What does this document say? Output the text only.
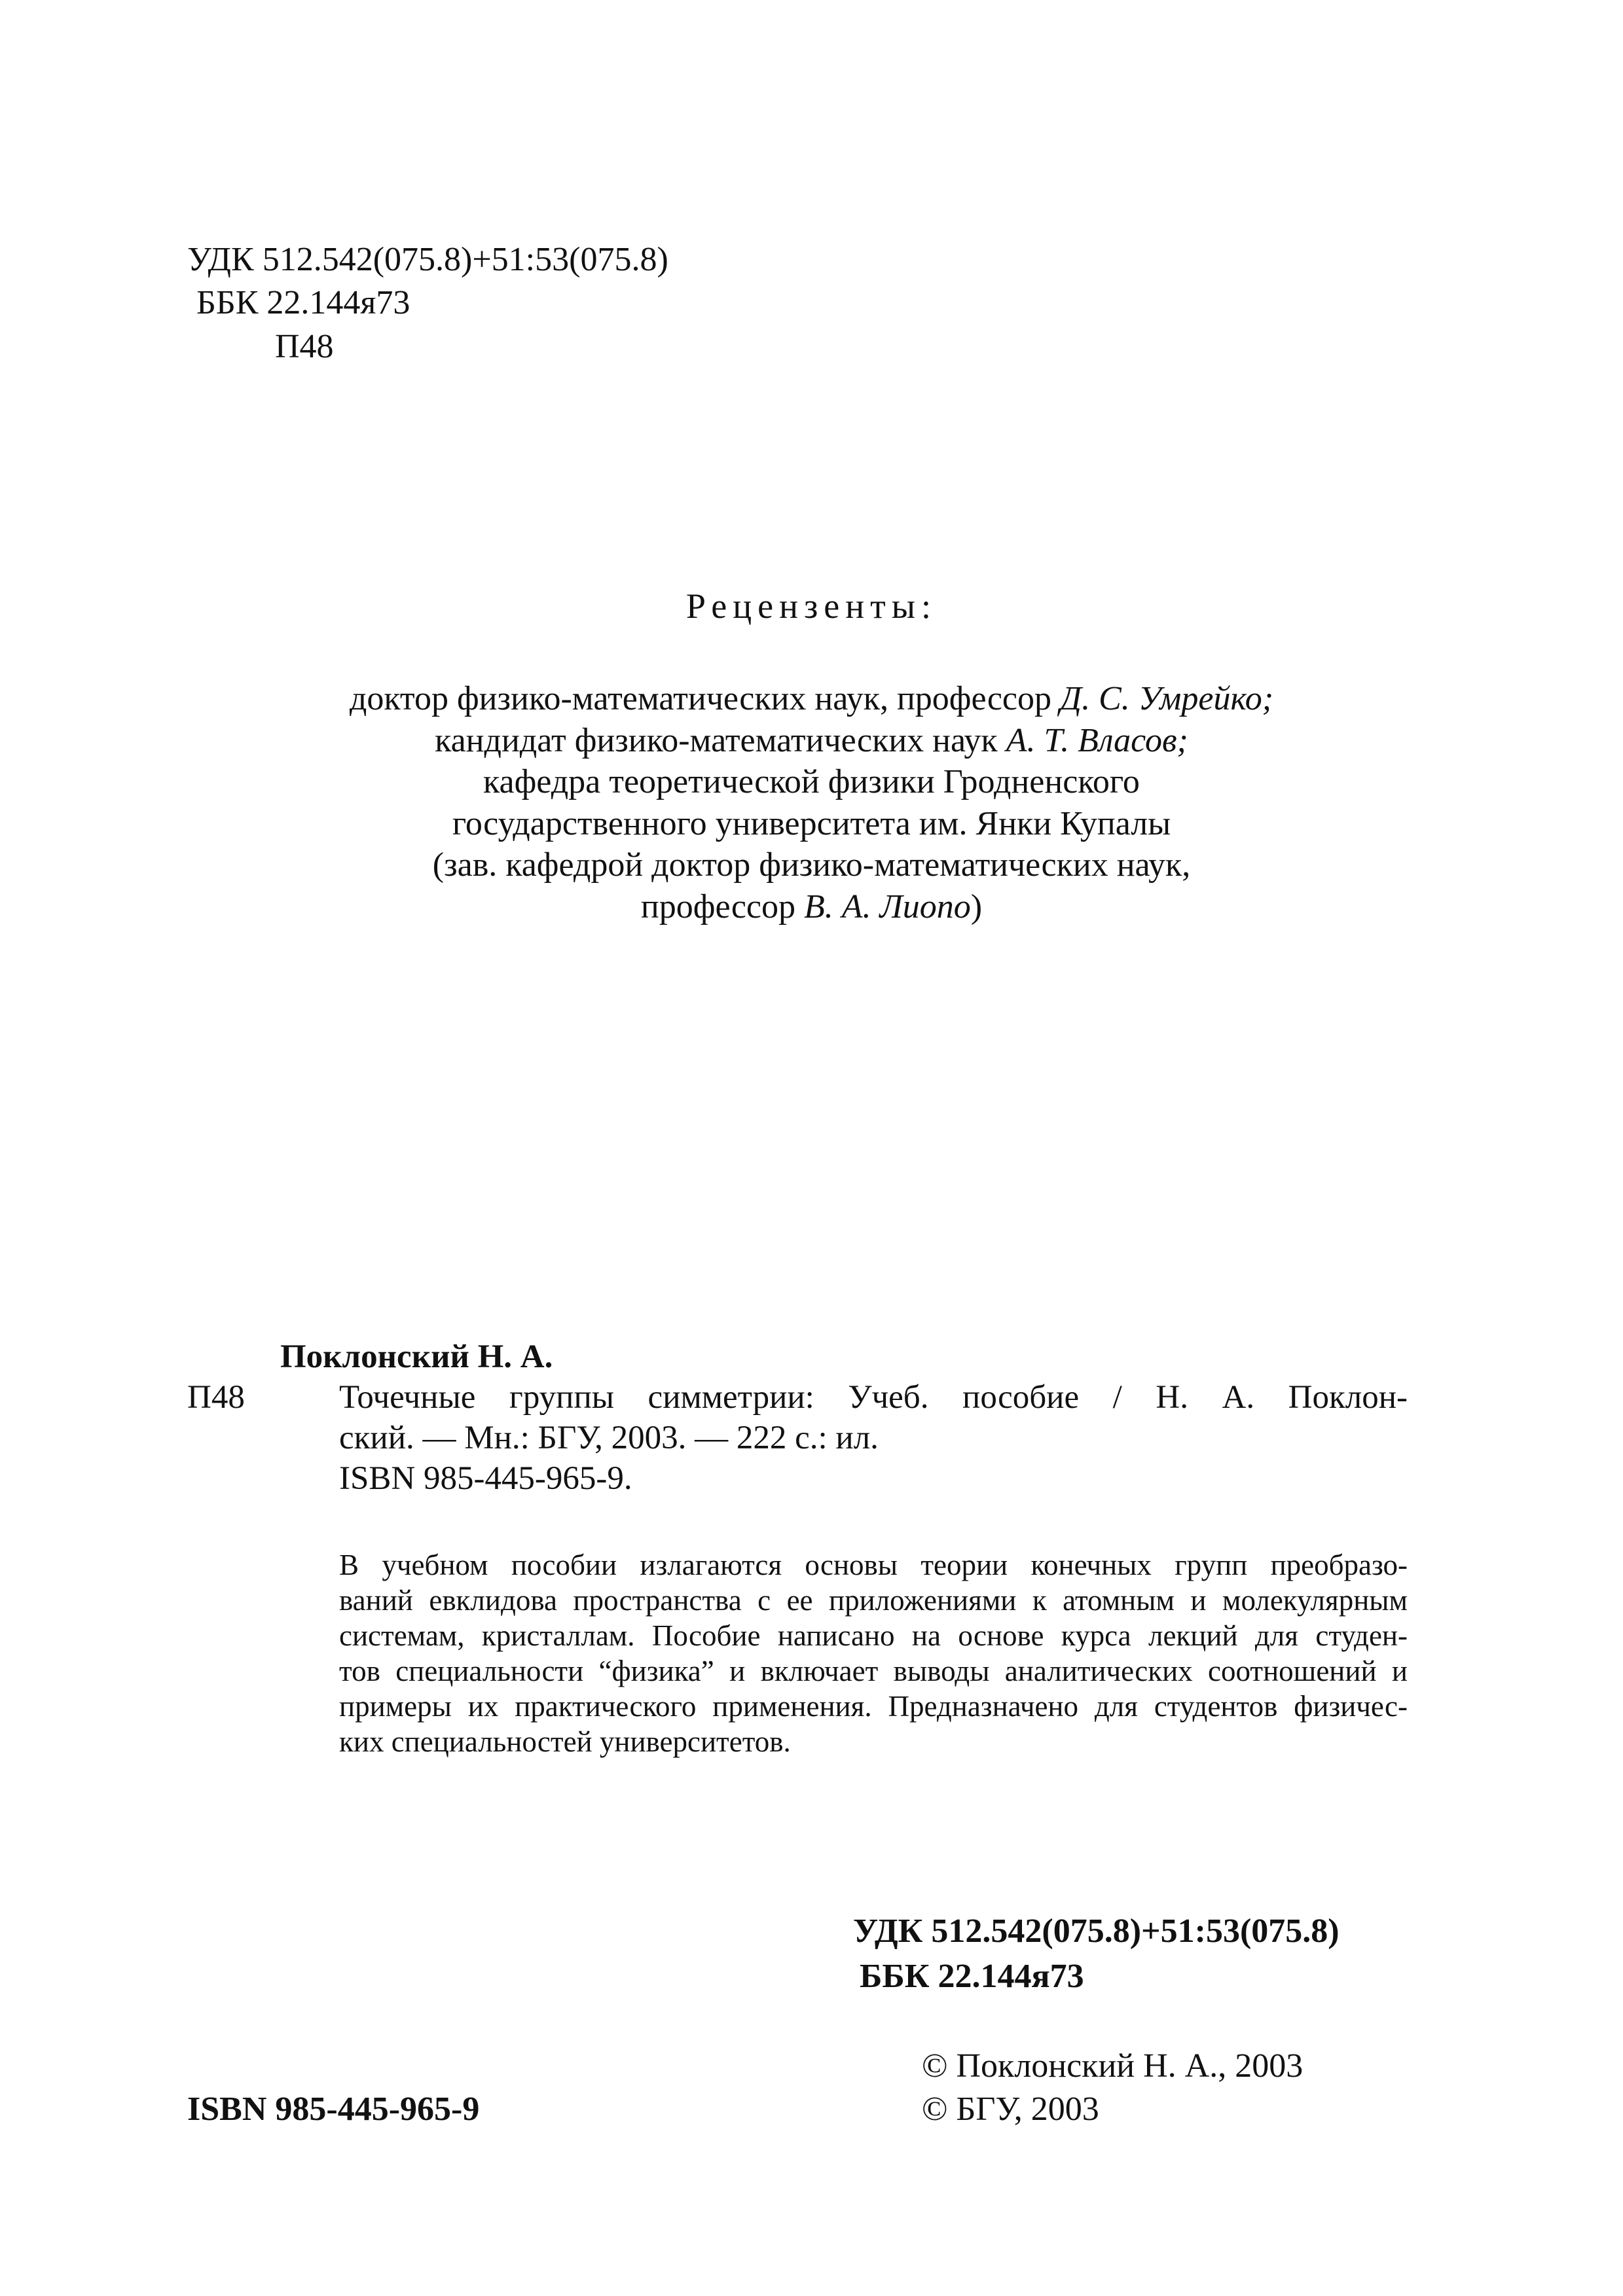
УДК 512.542(075.8)+51:53(075.8)
ББК 22.144я73
П48
Рецензенты:
доктор физико-математических наук, профессор Д. С. Умрейко;
кандидат физико-математических наук А. Т. Власов;
кафедра теоретической физики Гродненского
государственного университета им. Янки Купалы
(зав. кафедрой доктор физико-математических наук,
профессор В. А. Лиопо)
Поклонский Н. А.
П48	Точечные группы симметрии: Учеб. пособие / Н. А. Поклон-
ский. — Мн.: БГУ, 2003. — 222 с.: ил.
ISBN 985-445-965-9.
В учебном пособии излагаются основы теории конечных групп преобразо-
ваний евклидова пространства с ее приложениями к атомным и молекулярным
системам, кристаллам. Пособие написано на основе курса лекций для студен-
тов специальности “физика” и включает выводы аналитических соотношений и
примеры их практического применения. Предназначено для студентов физичес-
ких специальностей университетов.
УДК 512.542(075.8)+51:53(075.8)
ББК 22.144я73
© Поклонский Н. А., 2003
© БГУ, 2003
ISBN 985-445-965-9
